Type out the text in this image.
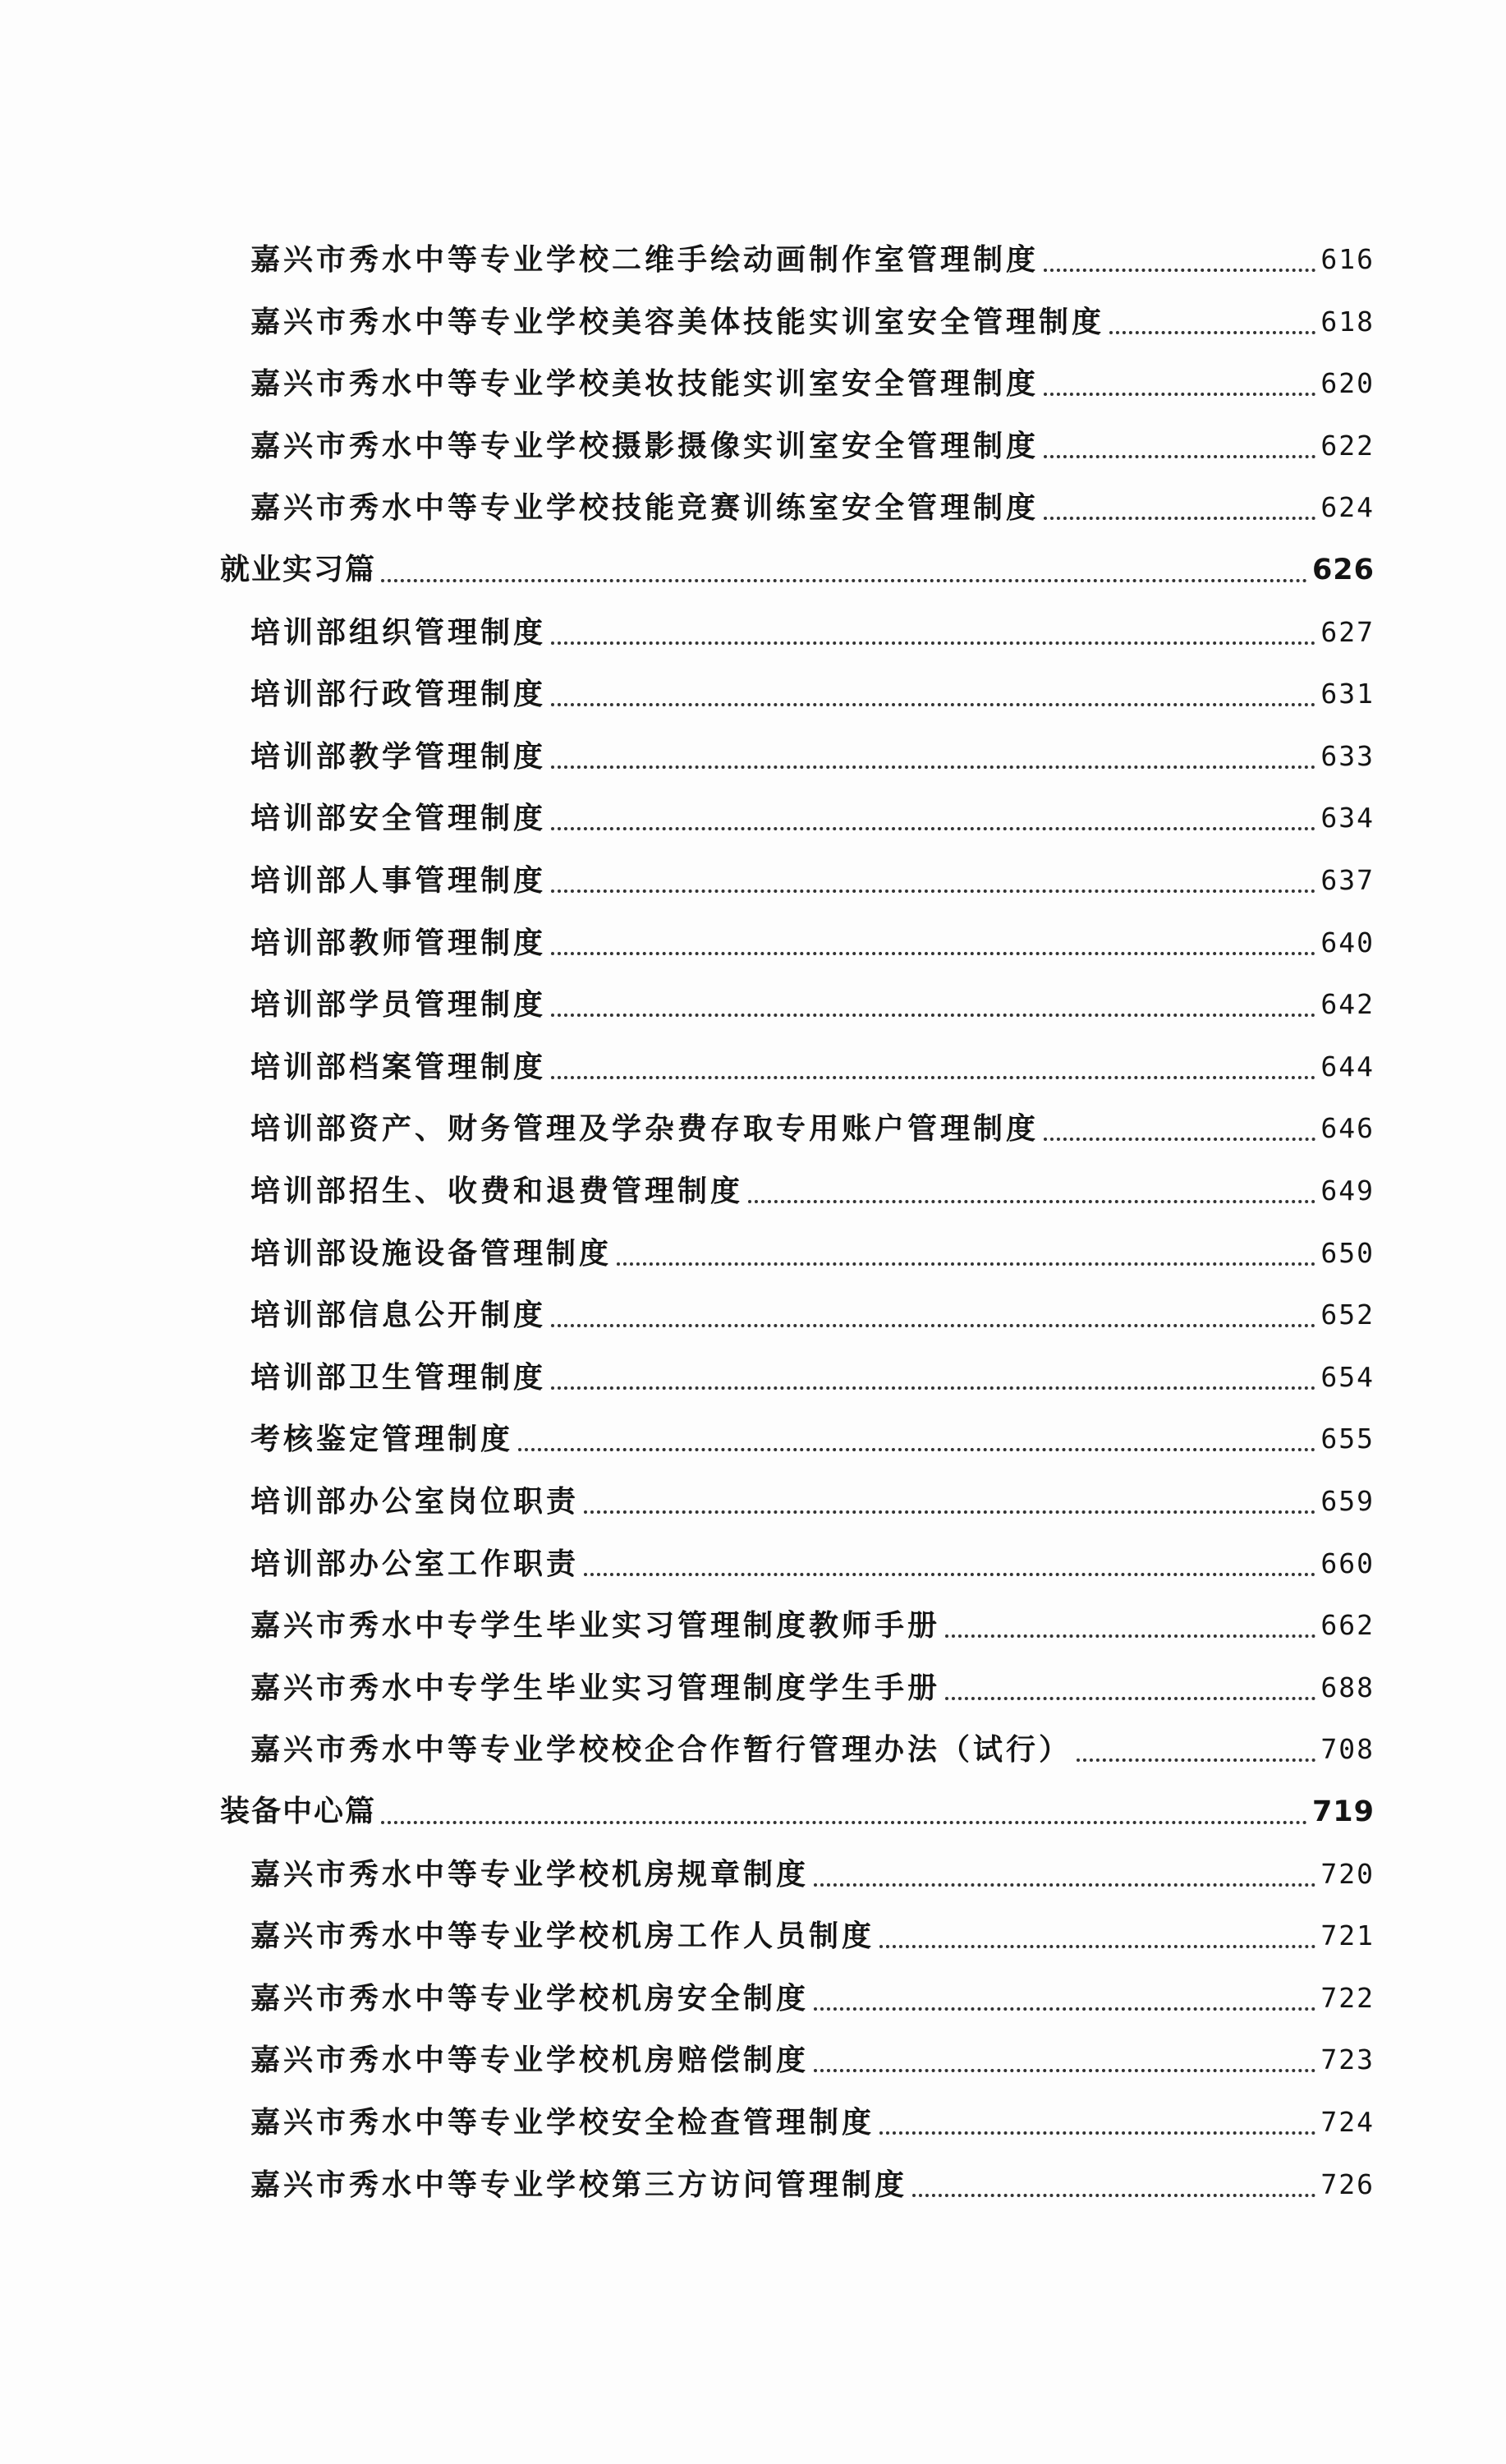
嘉兴市秀水中等专业学校二维手绘动画制作室管理制度	616
嘉兴市秀水中等专业学校美容美体技能实训室安全管理制度	618
嘉兴市秀水中等专业学校美妆技能实训室安全管理制度	620
嘉兴市秀水中等专业学校摄影摄像实训室安全管理制度	622
嘉兴市秀水中等专业学校技能竞赛训练室安全管理制度	624
就业实习篇	626
培训部组织管理制度	627
培训部行政管理制度	631
培训部教学管理制度	633
培训部安全管理制度	634
培训部人事管理制度	637
培训部教师管理制度	640
培训部学员管理制度	642
培训部档案管理制度	644
培训部资产、财务管理及学杂费存取专用账户管理制度	646
培训部招生、收费和退费管理制度	649
培训部设施设备管理制度	650
培训部信息公开制度	652
培训部卫生管理制度	654
考核鉴定管理制度	655
培训部办公室岗位职责	659
培训部办公室工作职责	660
嘉兴市秀水中专学生毕业实习管理制度教师手册	662
嘉兴市秀水中专学生毕业实习管理制度学生手册	688
嘉兴市秀水中等专业学校校企合作暂行管理办法（试行）	708
装备中心篇	719
嘉兴市秀水中等专业学校机房规章制度	720
嘉兴市秀水中等专业学校机房工作人员制度	721
嘉兴市秀水中等专业学校机房安全制度	722
嘉兴市秀水中等专业学校机房赔偿制度	723
嘉兴市秀水中等专业学校安全检查管理制度	724
嘉兴市秀水中等专业学校第三方访问管理制度	726
